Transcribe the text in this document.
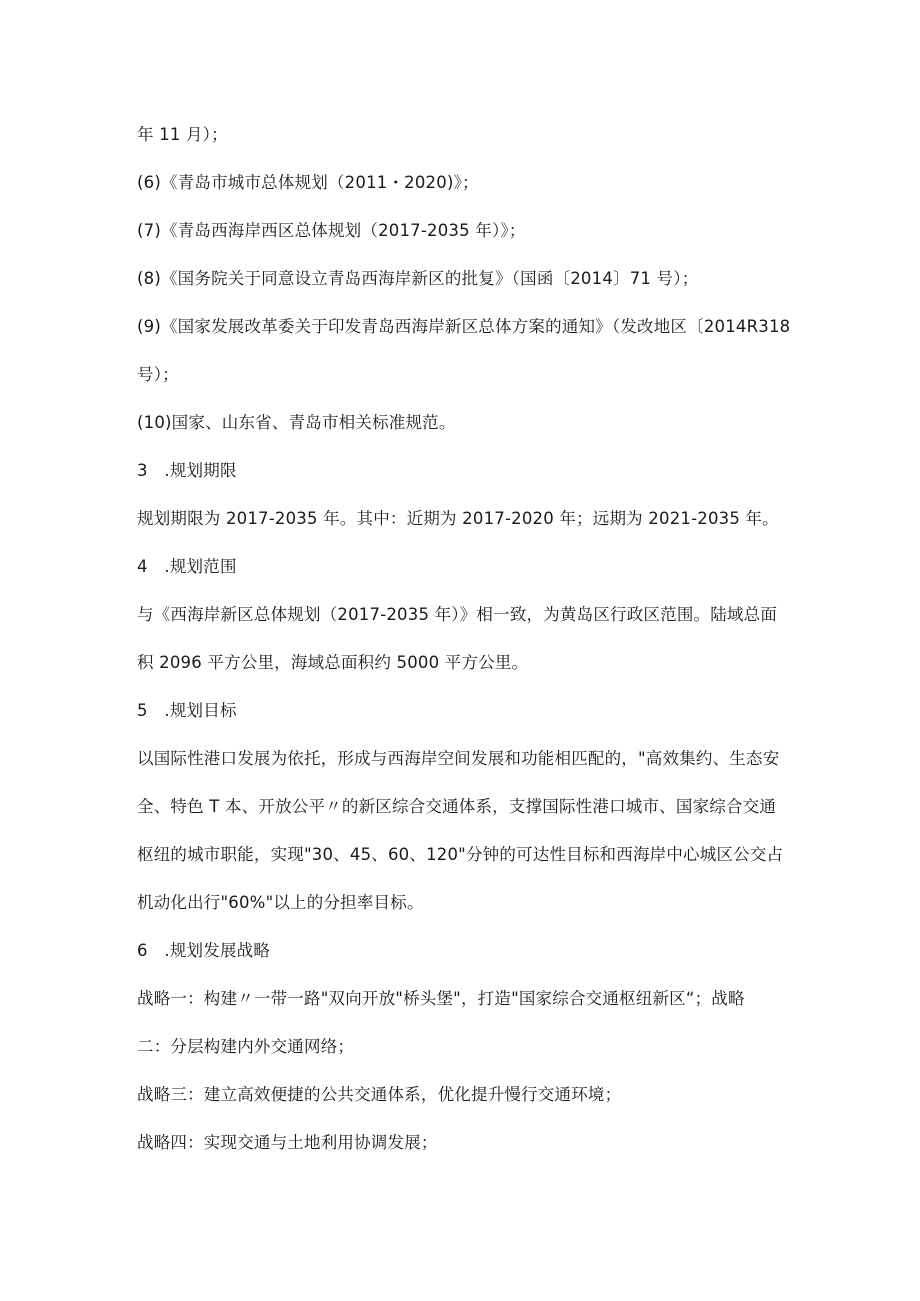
年 11 月）；
(6)《青岛市城市总体规划（2011・2020)》；
(7)《青岛西海岸西区总体规划（2017-2035 年）》；
(8)《国务院关于同意设立青岛西海岸新区的批复》（国函〔2014〕71 号）；
(9)《国家发展改革委关于印发青岛西海岸新区总体方案的通知》（发改地区〔2014R318
号）；
(10)国家、山东省、青岛市相关标准规范。
3　.规划期限
规划期限为 2017-2035 年。其中：近期为 2017-2020 年；远期为 2021-2035 年。
4　.规划范围
与《西海岸新区总体规划（2017-2035 年）》相一致，为黄岛区行政区范围。陆域总面
积 2096 平方公里，海域总面积约 5000 平方公里。
5　.规划目标
以国际性港口发展为依托，形成与西海岸空间发展和功能相匹配的，"高效集约、生态安
全、特色 T 本、开放公平〃的新区综合交通体系，支撑国际性港口城市、国家综合交通
枢纽的城市职能，实现"30、45、60、120"分钟的可达性目标和西海岸中心城区公交占
机动化出行"60%"以上的分担率目标。
6　.规划发展战略
战略一：构建〃一带一路"双向开放"桥头堡"，打造"国家综合交通枢纽新区“；战略
二：分层构建内外交通网络；
战略三：建立高效便捷的公共交通体系，优化提升慢行交通环境；
战略四：实现交通与土地利用协调发展；
